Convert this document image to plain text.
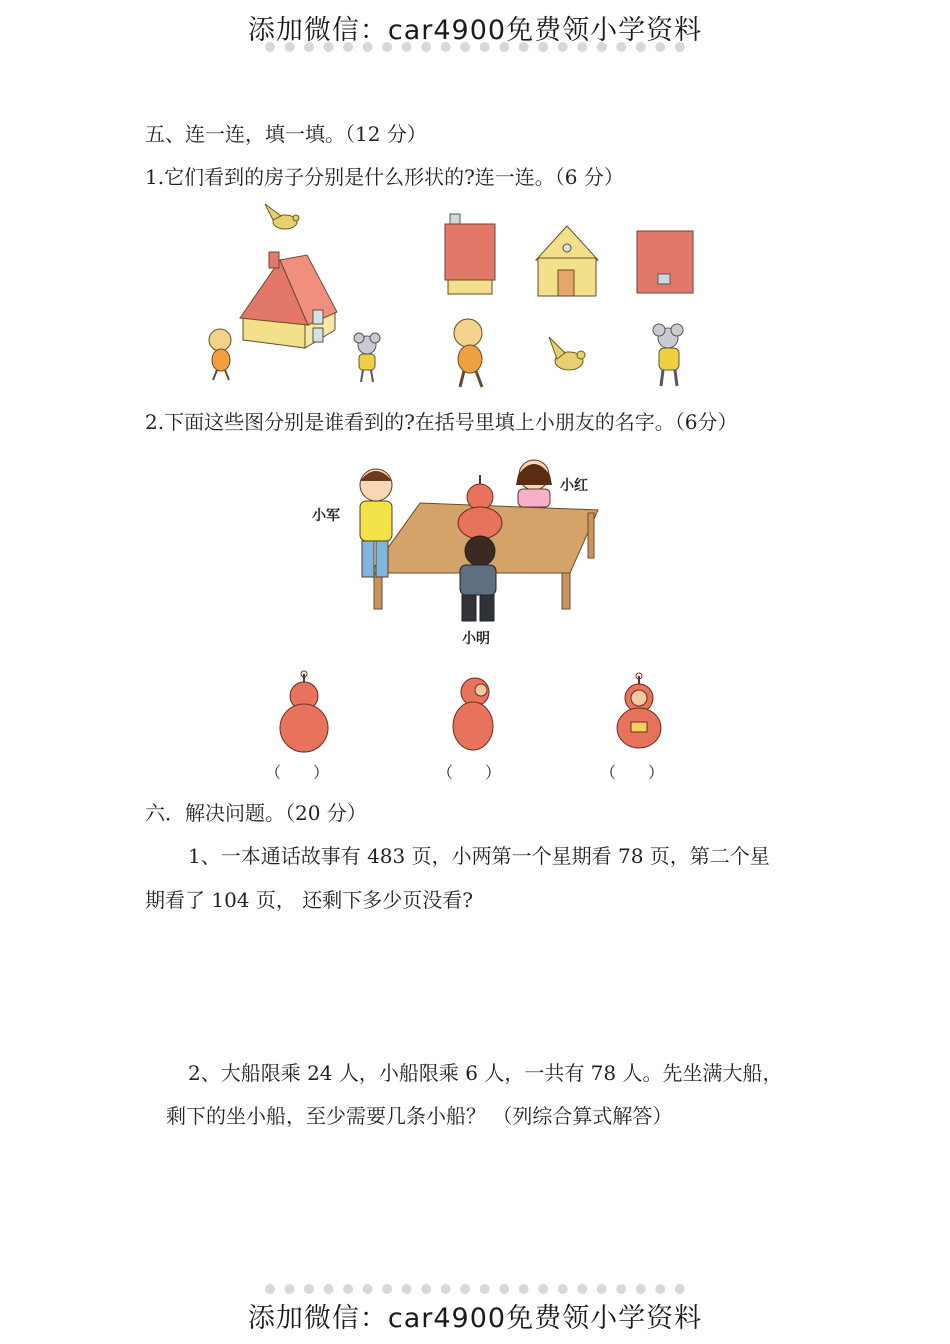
添加微信：car4900免费领小学资料
添加微信：car4900免费领小学资料
五、连一连，填一填。（12 分）
1.它们看到的房子分别是什么形状的?连一连。（6 分）
2.下面这些图分别是谁看到的?在括号里填上小朋友的名字。（6分）
小军
小红
小明
（　　）	（　　）	（　　）
六．解决问题。（20 分）
1、一本通话故事有 483 页，小两第一个星期看 78 页，第二个星
期看了 104 页， 还剩下多少页没看?
2、大船限乘 24 人，小船限乘 6 人，一共有 78 人。先坐满大船，
剩下的坐小船，至少需要几条小船？ （列综合算式解答）
